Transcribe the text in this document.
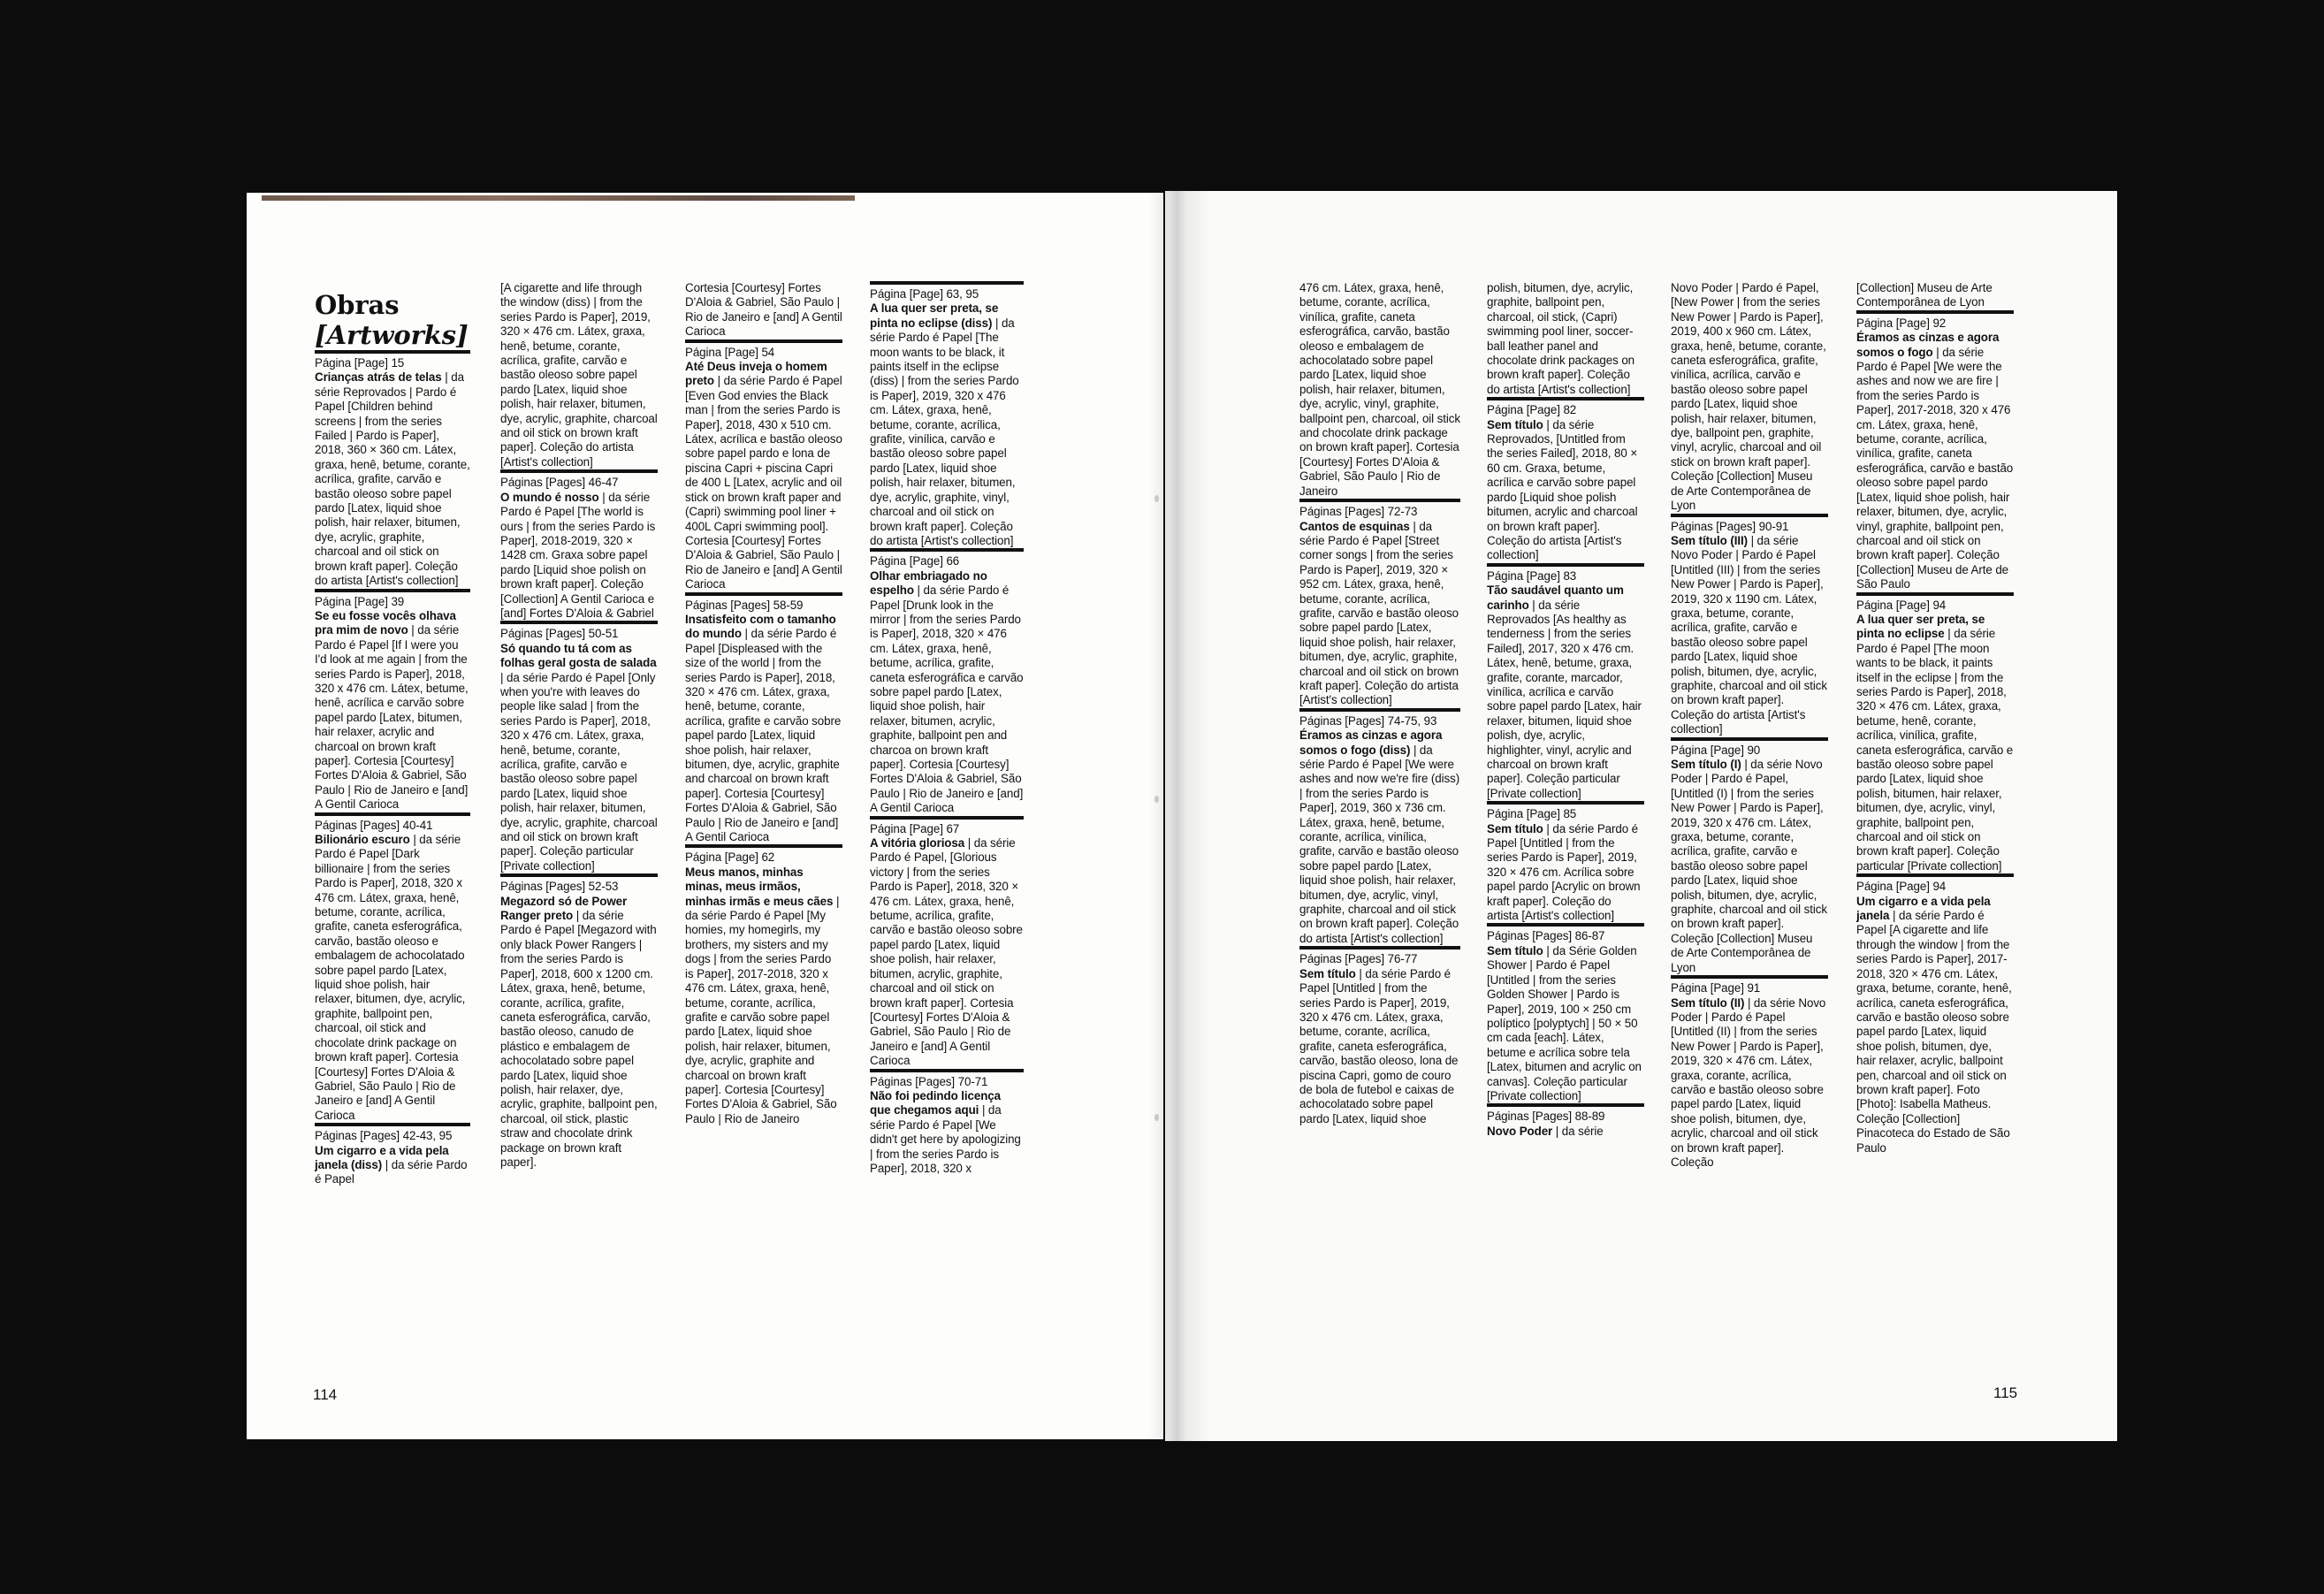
Obras
[Artworks]

Página [Page] 15
Crianças atrás de telas | da série Reprovados | Pardo é Papel [Children behind screens | from the series Failed | Pardo is Paper], 2018, 360 × 360 cm. Látex, graxa, henê, betume, corante, acrílica, grafite, carvão e bastão oleoso sobre papel pardo [Latex, liquid shoe polish, hair relaxer, bitumen, dye, acrylic, graphite, charcoal and oil stick on brown kraft paper]. Coleção do artista [Artist's collection]

Página [Page] 39
Se eu fosse vocês olhava pra mim de novo | da série Pardo é Papel [If I were you I'd look at me again | from the series Pardo is Paper], 2018, 320 x 476 cm. Látex, betume, henê, acrílica e carvão sobre papel pardo [Latex, bitumen, hair relaxer, acrylic and charcoal on brown kraft paper]. Cortesia [Courtesy] Fortes D'Aloia & Gabriel, São Paulo | Rio de Janeiro e [and] A Gentil Carioca

Páginas [Pages] 40-41
Bilionário escuro | da série Pardo é Papel [Dark billionaire | from the series Pardo is Paper], 2018, 320 x 476 cm. Látex, graxa, henê, betume, corante, acrílica, grafite, caneta esferográfica, carvão, bastão oleoso e embalagem de achocolatado sobre papel pardo [Latex, liquid shoe polish, hair relaxer, bitumen, dye, acrylic, graphite, ballpoint pen, charcoal, oil stick and chocolate drink package on brown kraft paper]. Cortesia [Courtesy] Fortes D'Aloia & Gabriel, São Paulo | Rio de Janeiro e [and] A Gentil Carioca

Páginas [Pages] 42-43, 95
Um cigarro e a vida pela janela (diss) | da série Pardo é Papel

[A cigarette and life through the window (diss) | from the series Pardo is Paper], 2019, 320 × 476 cm. Látex, graxa, henê, betume, corante, acrílica, grafite, carvão e bastão oleoso sobre papel pardo [Latex, liquid shoe polish, hair relaxer, bitumen, dye, acrylic, graphite, charcoal and oil stick on brown kraft paper]. Coleção do artista [Artist's collection]

Páginas [Pages] 46-47
O mundo é nosso | da série Pardo é Papel [The world is ours | from the series Pardo is Paper], 2018-2019, 320 × 1428 cm. Graxa sobre papel pardo [Liquid shoe polish on brown kraft paper]. Coleção [Collection] A Gentil Carioca e [and] Fortes D'Aloia & Gabriel

Páginas [Pages] 50-51
Só quando tu tá com as folhas geral gosta de salada | da série Pardo é Papel [Only when you're with leaves do people like salad | from the series Pardo is Paper], 2018, 320 x 476 cm. Látex, graxa, henê, betume, corante, acrílica, grafite, carvão e bastão oleoso sobre papel pardo [Latex, liquid shoe polish, hair relaxer, bitumen, dye, acrylic, graphite, charcoal and oil stick on brown kraft paper]. Coleção particular [Private collection]

Páginas [Pages] 52-53
Megazord só de Power Ranger preto | da série Pardo é Papel [Megazord with only black Power Rangers | from the series Pardo is Paper], 2018, 600 x 1200 cm. Látex, graxa, henê, betume, corante, acrílica, grafite, caneta esferográfica, carvão, bastão oleoso, canudo de plástico e embalagem de achocolatado sobre papel pardo [Latex, liquid shoe polish, hair relaxer, dye, acrylic, graphite, ballpoint pen, charcoal, oil stick, plastic straw and chocolate drink package on brown kraft paper].

Cortesia [Courtesy] Fortes D'Aloia & Gabriel, São Paulo | Rio de Janeiro e [and] A Gentil Carioca

Página [Page] 54
Até Deus inveja o homem preto | da série Pardo é Papel [Even God envies the Black man | from the series Pardo is Paper], 2018, 430 x 510 cm. Látex, acrílica e bastão oleoso sobre papel pardo e lona de piscina Capri + piscina Capri de 400 L [Latex, acrylic and oil stick on brown kraft paper and (Capri) swimming pool liner + 400L Capri swimming pool]. Cortesia [Courtesy] Fortes D'Aloia & Gabriel, São Paulo | Rio de Janeiro e [and] A Gentil Carioca

Páginas [Pages] 58-59
Insatisfeito com o tamanho do mundo | da série Pardo é Papel [Displeased with the size of the world | from the series Pardo is Paper], 2018, 320 × 476 cm. Látex, graxa, henê, betume, corante, acrílica, grafite e carvão sobre papel pardo [Latex, liquid shoe polish, hair relaxer, bitumen, dye, acrylic, graphite and charcoal on brown kraft paper]. Cortesia [Courtesy] Fortes D'Aloia & Gabriel, São Paulo | Rio de Janeiro e [and] A Gentil Carioca

Página [Page] 62
Meus manos, minhas minas, meus irmãos, minhas irmãs e meus cães | da série Pardo é Papel [My homies, my homegirls, my brothers, my sisters and my dogs | from the series Pardo is Paper], 2017-2018, 320 x 476 cm. Látex, graxa, henê, betume, corante, acrílica, grafite e carvão sobre papel pardo [Latex, liquid shoe polish, hair relaxer, bitumen, dye, acrylic, graphite and charcoal on brown kraft paper]. Cortesia [Courtesy] Fortes D'Aloia & Gabriel, São Paulo | Rio de Janeiro

Página [Page] 63, 95
A lua quer ser preta, se pinta no eclipse (diss) | da série Pardo é Papel [The moon wants to be black, it paints itself in the eclipse (diss) | from the series Pardo is Paper], 2019, 320 x 476 cm. Látex, graxa, henê, betume, corante, acrílica, grafite, vinílica, carvão e bastão oleoso sobre papel pardo [Latex, liquid shoe polish, hair relaxer, bitumen, dye, acrylic, graphite, vinyl, charcoal and oil stick on brown kraft paper]. Coleção do artista [Artist's collection]

Página [Page] 66
Olhar embriagado no espelho | da série Pardo é Papel [Drunk look in the mirror | from the series Pardo is Paper], 2018, 320 × 476 cm. Látex, graxa, henê, betume, acrílica, grafite, caneta esferográfica e carvão sobre papel pardo [Latex, liquid shoe polish, hair relaxer, bitumen, acrylic, graphite, ballpoint pen and charcoa on brown kraft paper]. Cortesia [Courtesy] Fortes D'Aloia & Gabriel, São Paulo | Rio de Janeiro e [and] A Gentil Carioca

Página [Page] 67
A vitória gloriosa | da série Pardo é Papel, [Glorious victory | from the series Pardo is Paper], 2018, 320 × 476 cm. Látex, graxa, henê, betume, acrílica, grafite, carvão e bastão oleoso sobre papel pardo [Latex, liquid shoe polish, hair relaxer, bitumen, acrylic, graphite, charcoal and oil stick on brown kraft paper]. Cortesia [Courtesy] Fortes D'Aloia & Gabriel, São Paulo | Rio de Janeiro e [and] A Gentil Carioca

Páginas [Pages] 70-71
Não foi pedindo licença que chegamos aqui | da série Pardo é Papel [We didn't get here by apologizing | from the series Pardo is Paper], 2018, 320 x

476 cm. Látex, graxa, henê, betume, corante, acrílica, vinílica, grafite, caneta esferográfica, carvão, bastão oleoso e embalagem de achocolatado sobre papel pardo [Latex, liquid shoe polish, hair relaxer, bitumen, dye, acrylic, vinyl, graphite, ballpoint pen, charcoal, oil stick and chocolate drink package on brown kraft paper]. Cortesia [Courtesy] Fortes D'Aloia & Gabriel, São Paulo | Rio de Janeiro

Páginas [Pages] 72-73
Cantos de esquinas | da série Pardo é Papel [Street corner songs | from the series Pardo is Paper], 2019, 320 × 952 cm. Látex, graxa, henê, betume, corante, acrílica, grafite, carvão e bastão oleoso sobre papel pardo [Latex, liquid shoe polish, hair relaxer, bitumen, dye, acrylic, graphite, charcoal and oil stick on brown kraft paper]. Coleção do artista [Artist's collection]

Páginas [Pages] 74-75, 93
Éramos as cinzas e agora somos o fogo (diss) | da série Pardo é Papel [We were ashes and now we're fire (diss) | from the series Pardo is Paper], 2019, 360 x 736 cm. Látex, graxa, henê, betume, corante, acrílica, vinílica, grafite, carvão e bastão oleoso sobre papel pardo [Latex, liquid shoe polish, hair relaxer, bitumen, dye, acrylic, vinyl, graphite, charcoal and oil stick on brown kraft paper]. Coleção do artista [Artist's collection]

Páginas [Pages] 76-77
Sem título | da série Pardo é Papel [Untitled | from the series Pardo is Paper], 2019, 320 x 476 cm. Látex, graxa, betume, corante, acrílica, grafite, caneta esferográfica, carvão, bastão oleoso, lona de piscina Capri, gomo de couro de bola de futebol e caixas de achocolatado sobre papel pardo [Latex, liquid shoe

polish, bitumen, dye, acrylic, graphite, ballpoint pen, charcoal, oil stick, (Capri) swimming pool liner, soccer-ball leather panel and chocolate drink packages on brown kraft paper]. Coleção do artista [Artist's collection]

Página [Page] 82
Sem título | da série Reprovados, [Untitled from the series Failed], 2018, 80 × 60 cm. Graxa, betume, acrílica e carvão sobre papel pardo [Liquid shoe polish bitumen, acrylic and charcoal on brown kraft paper]. Coleção do artista [Artist's collection]

Página [Page] 83
Tão saudável quanto um carinho | da série Reprovados [As healthy as tenderness | from the series Failed], 2017, 320 x 476 cm. Látex, henê, betume, graxa, grafite, corante, marcador, vinílica, acrílica e carvão sobre papel pardo [Latex, hair relaxer, bitumen, liquid shoe polish, dye, acrylic, highlighter, vinyl, acrylic and charcoal on brown kraft paper]. Coleção particular [Private collection]

Página [Page] 85
Sem título | da série Pardo é Papel [Untitled | from the series Pardo is Paper], 2019, 320 × 476 cm. Acrílica sobre papel pardo [Acrylic on brown kraft paper]. Coleção do artista [Artist's collection]

Páginas [Pages] 86-87
Sem título | da Série Golden Shower | Pardo é Papel [Untitled | from the series Golden Shower | Pardo is Paper], 2019, 100 × 250 cm políptico [polyptych] | 50 × 50 cm cada [each]. Látex, betume e acrílica sobre tela [Latex, bitumen and acrylic on canvas]. Coleção particular [Private collection]

Páginas [Pages] 88-89
Novo Poder | da série

Novo Poder | Pardo é Papel, [New Power | from the series New Power | Pardo is Paper], 2019, 400 x 960 cm. Látex, graxa, henê, betume, corante, caneta esferográfica, grafite, vinílica, acrílica, carvão e bastão oleoso sobre papel pardo [Latex, liquid shoe polish, hair relaxer, bitumen, dye, ballpoint pen, graphite, vinyl, acrylic, charcoal and oil stick on brown kraft paper]. Coleção [Collection] Museu de Arte Contemporânea de Lyon

Páginas [Pages] 90-91
Sem título (III) | da série Novo Poder | Pardo é Papel [Untitled (III) | from the series New Power | Pardo is Paper], 2019, 320 x 1190 cm. Látex, graxa, betume, corante, acrílica, grafite, carvão e bastão oleoso sobre papel pardo [Latex, liquid shoe polish, bitumen, dye, acrylic, graphite, charcoal and oil stick on brown kraft paper]. Coleção do artista [Artist's collection]

Página [Page] 90
Sem título (I) | da série Novo Poder | Pardo é Papel, [Untitled (I) | from the series New Power | Pardo is Paper], 2019, 320 x 476 cm. Látex, graxa, betume, corante, acrílica, grafite, carvão e bastão oleoso sobre papel pardo [Latex, liquid shoe polish, bitumen, dye, acrylic, graphite, charcoal and oil stick on brown kraft paper]. Coleção [Collection] Museu de Arte Contemporânea de Lyon

Página [Page] 91
Sem título (II) | da série Novo Poder | Pardo é Papel [Untitled (II) | from the series New Power | Pardo is Paper], 2019, 320 × 476 cm. Látex, graxa, corante, acrílica, carvão e bastão oleoso sobre papel pardo [Latex, liquid shoe polish, bitumen, dye, acrylic, charcoal and oil stick on brown kraft paper]. Coleção

[Collection] Museu de Arte Contemporânea de Lyon

Página [Page] 92
Éramos as cinzas e agora somos o fogo | da série Pardo é Papel [We were the ashes and now we are fire | from the series Pardo is Paper], 2017-2018, 320 x 476 cm. Látex, graxa, henê, betume, corante, acrílica, vinílica, grafite, caneta esferográfica, carvão e bastão oleoso sobre papel pardo [Latex, liquid shoe polish, hair relaxer, bitumen, dye, acrylic, vinyl, graphite, ballpoint pen, charcoal and oil stick on brown kraft paper]. Coleção [Collection] Museu de Arte de São Paulo

Página [Page] 94
A lua quer ser preta, se pinta no eclipse | da série Pardo é Papel [The moon wants to be black, it paints itself in the eclipse | from the series Pardo is Paper], 2018, 320 × 476 cm. Látex, graxa, betume, henê, corante, acrílica, vinílica, grafite, caneta esferográfica, carvão e bastão oleoso sobre papel pardo [Latex, liquid shoe polish, bitumen, hair relaxer, bitumen, dye, acrylic, vinyl, graphite, ballpoint pen, charcoal and oil stick on brown kraft paper]. Coleção particular [Private collection]

Página [Page] 94
Um cigarro e a vida pela janela | da série Pardo é Papel [A cigarette and life through the window | from the series Pardo is Paper], 2017-2018, 320 × 476 cm. Látex, graxa, betume, corante, henê, acrílica, caneta esferográfica, carvão e bastão oleoso sobre papel pardo [Latex, liquid shoe polish, bitumen, dye, hair relaxer, acrylic, ballpoint pen, charcoal and oil stick on brown kraft paper]. Foto [Photo]: Isabella Matheus. Coleção [Collection] Pinacoteca do Estado de São Paulo

114	115
